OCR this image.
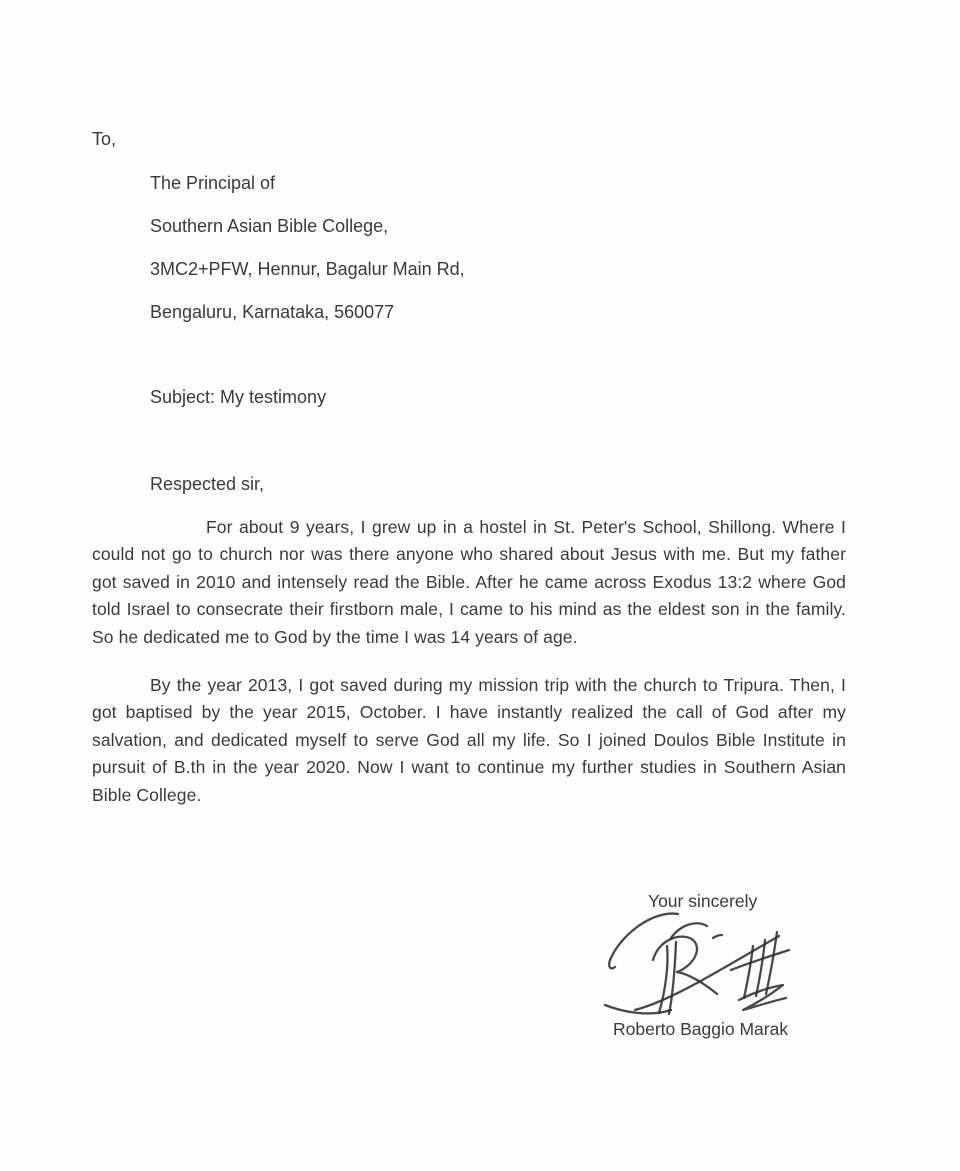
To,
The Principal of
Southern Asian Bible College,
3MC2+PFW, Hennur, Bagalur Main Rd,
Bengaluru, Karnataka, 560077
Subject: My testimony
Respected sir,

For about 9 years, I grew up in a hostel in St. Peter's School, Shillong. Where I could not go to church nor was there anyone who shared about Jesus with me. But my father got saved in 2010 and intensely read the Bible. After he came across Exodus 13:2 where God told Israel to consecrate their firstborn male, I came to his mind as the eldest son in the family. So he dedicated me to God by the time I was 14 years of age.

By the year 2013, I got saved during my mission trip with the church to Tripura. Then, I got baptised by the year 2015, October. I have instantly realized the call of God after my salvation, and dedicated myself to serve God all my life. So I joined Doulos Bible Institute in pursuit of B.th in the year 2020. Now I want to continue my further studies in Southern Asian Bible College.

Your sincerely
Roberto Baggio Marak
